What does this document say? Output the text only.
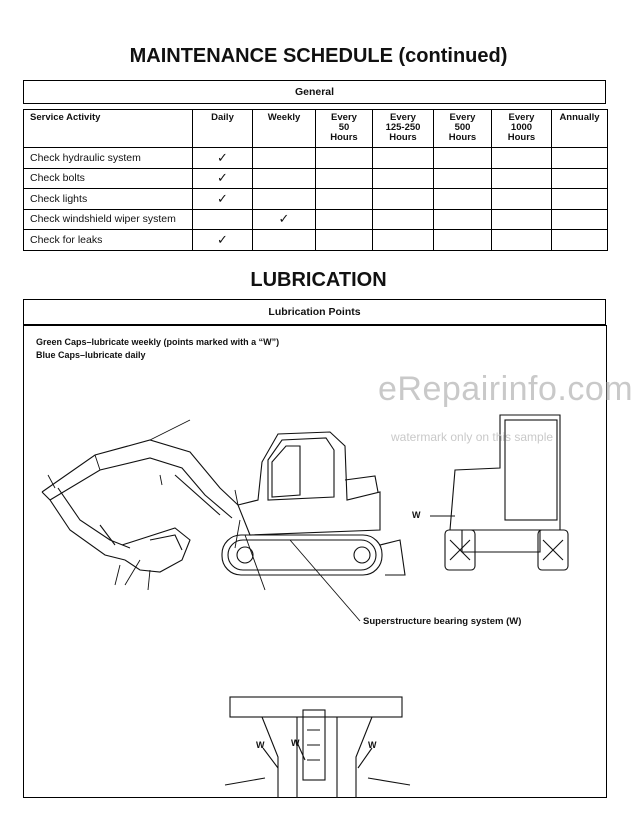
MAINTENANCE SCHEDULE (continued)
General
Service Activity	Daily	Weekly	Every
50
Hours	Every
125-250
Hours	Every
500
Hours	Every
1000
Hours	Annually
Check hydraulic system	✓						
Check bolts	✓						
Check lights	✓						
Check windshield wiper system		✓					
Check for leaks	✓						
LUBRICATION
Lubrication Points
Green Caps–lubricate weekly (points marked with a “W”)
Blue Caps–lubricate daily
eRepairinfo.com
watermark only on this sample
Superstructure bearing system (W)
W
W	W	W
